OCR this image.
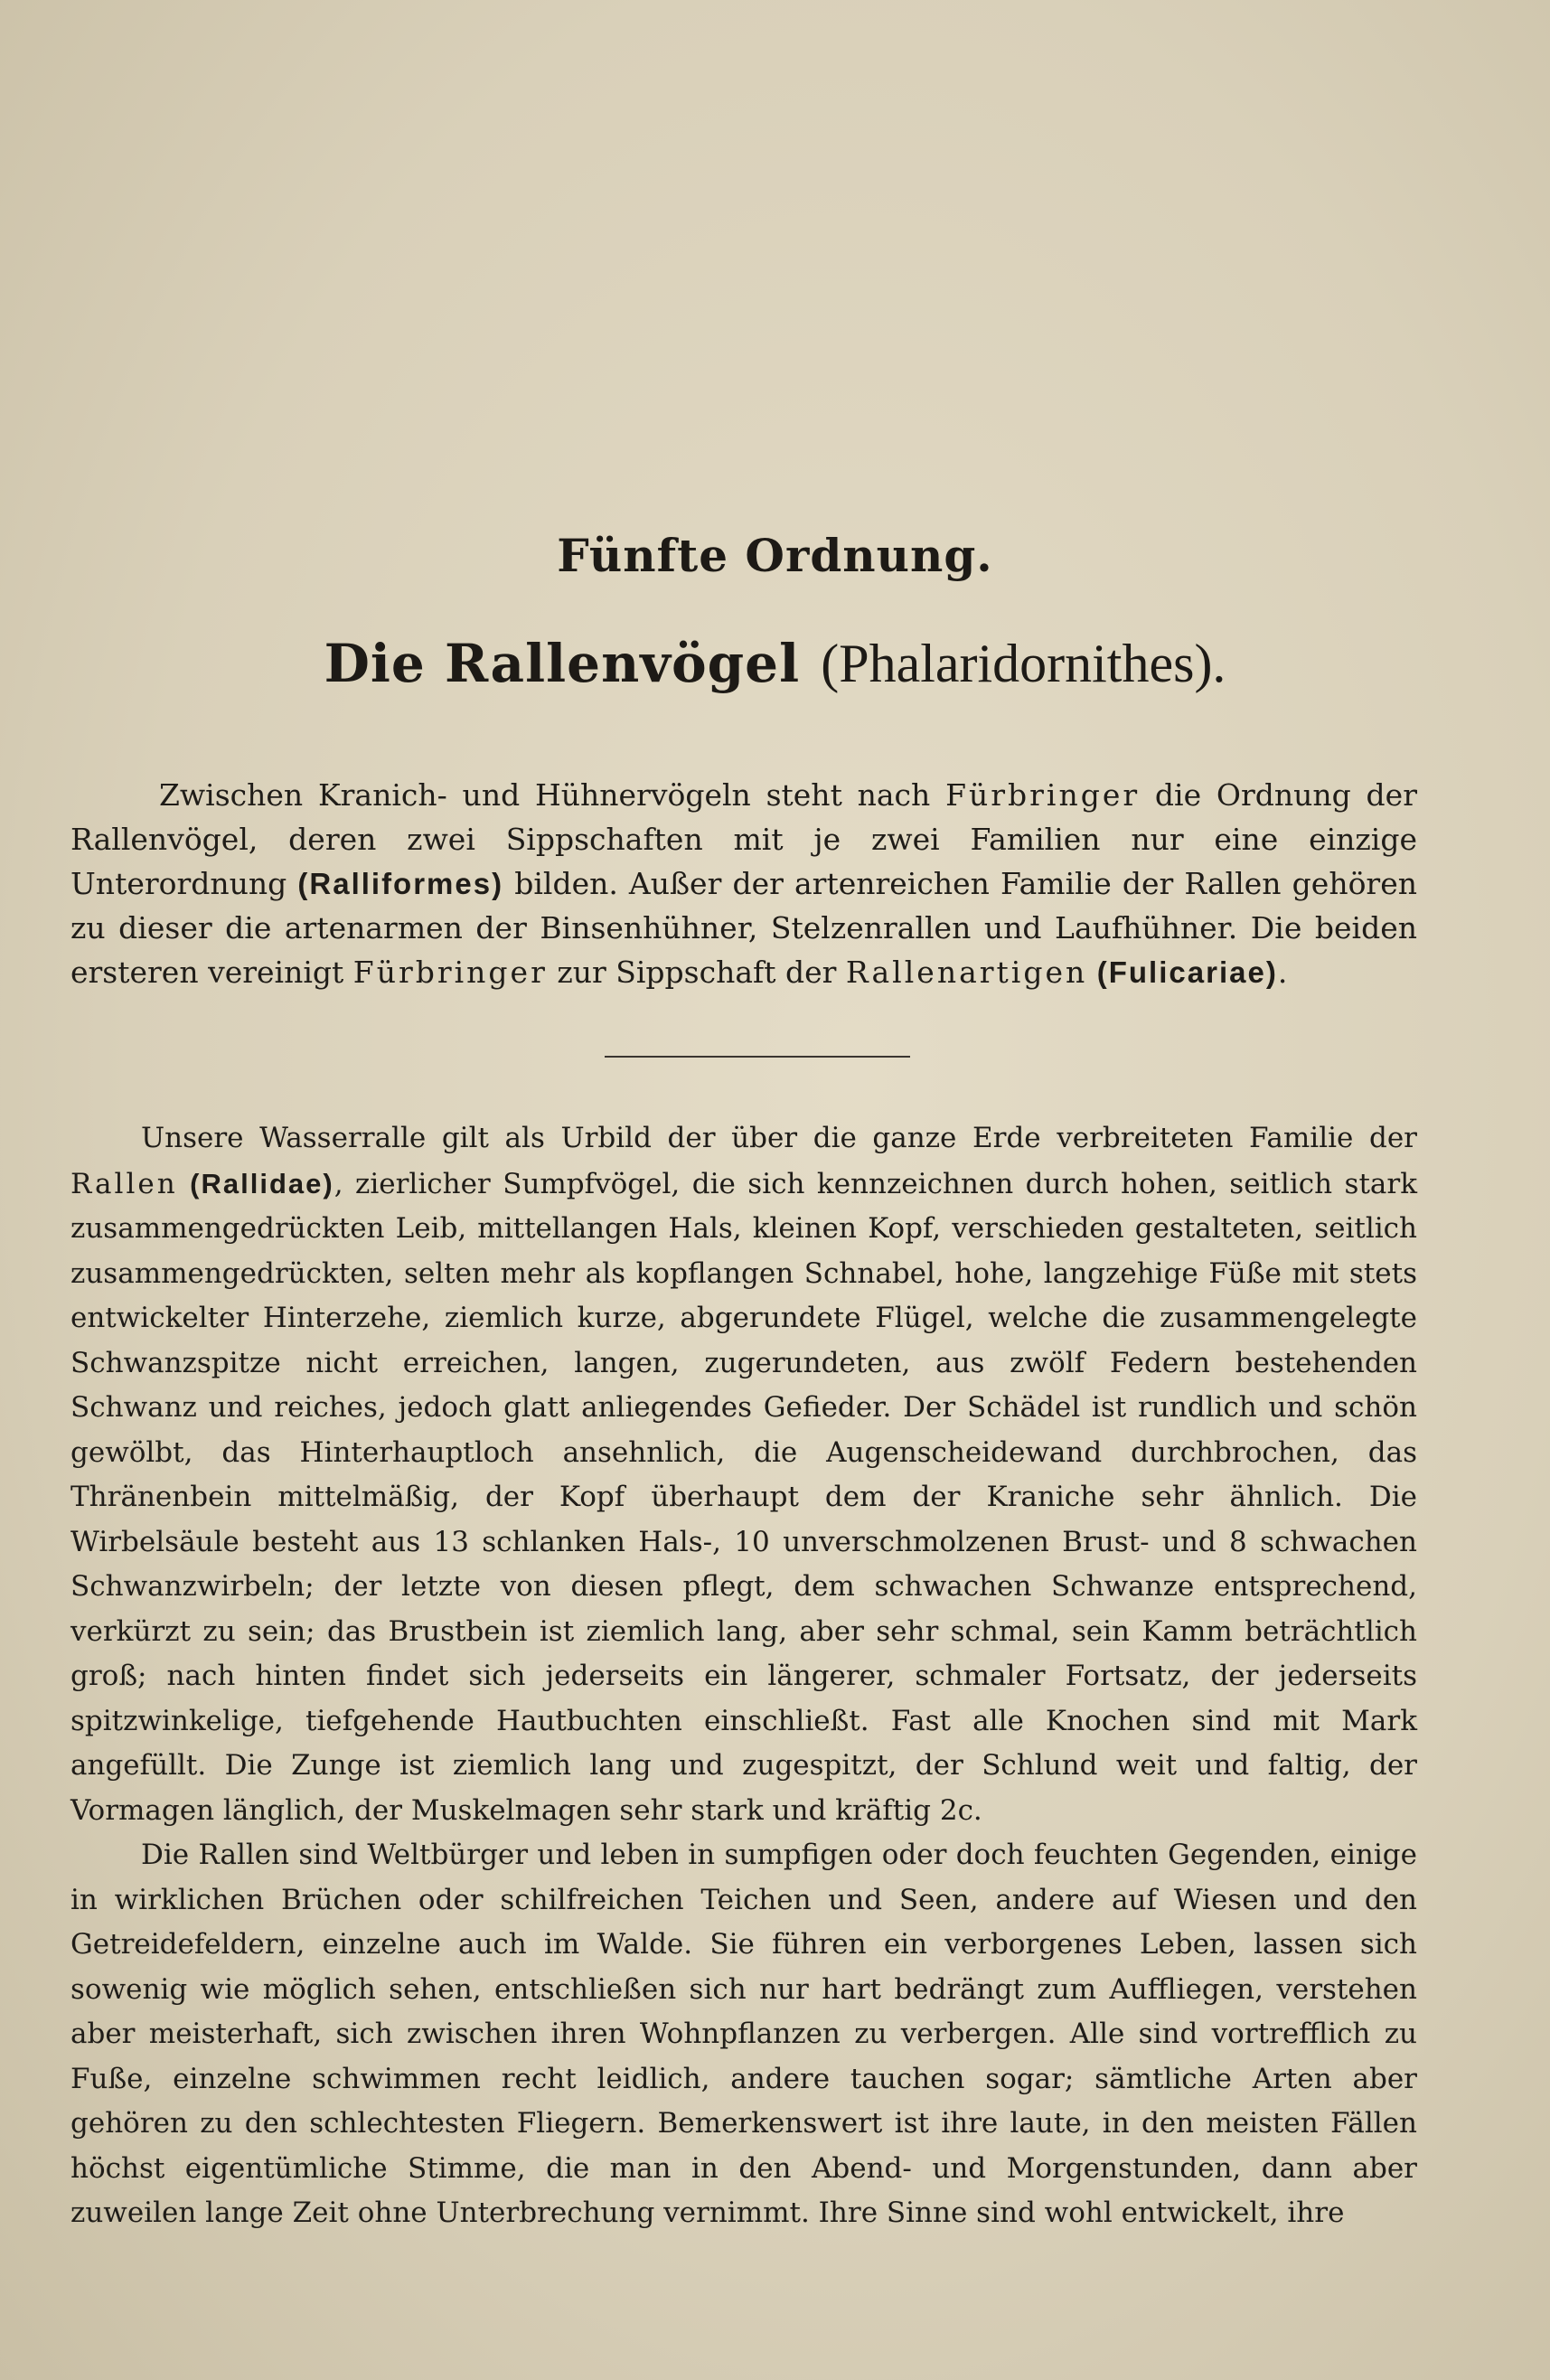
Fünfte Ordnung.
Die Rallenvögel (Phalaridornithes).

Zwischen Kranich- und Hühnervögeln steht nach Fürbringer die Ordnung der Rallenvögel, deren zwei Sippschaften mit je zwei Familien nur eine einzige Unterordnung (Ralliformes) bilden. Außer der artenreichen Familie der Rallen gehören zu dieser die artenarmen der Binsenhühner, Stelzenrallen und Laufhühner. Die beiden ersteren vereinigt Fürbringer zur Sippschaft der Rallenartigen (Fulicariae).

Unsere Wasserralle gilt als Urbild der über die ganze Erde verbreiteten Familie der Rallen (Rallidae), zierlicher Sumpfvögel, die sich kennzeichnen durch hohen, seitlich stark zusammengedrückten Leib, mittellangen Hals, kleinen Kopf, verschieden gestalteten, seitlich zusammengedrückten, selten mehr als kopflangen Schnabel, hohe, langzehige Füße mit stets entwickelter Hinterzehe, ziemlich kurze, abgerundete Flügel, welche die zusammengelegte Schwanzspitze nicht erreichen, langen, zugerundeten, aus zwölf Federn bestehenden Schwanz und reiches, jedoch glatt anliegendes Gefieder. Der Schädel ist rundlich und schön gewölbt, das Hinterhauptloch ansehnlich, die Augenscheidewand durchbrochen, das Thränenbein mittelmäßig, der Kopf überhaupt dem der Kraniche sehr ähnlich. Die Wirbelsäule besteht aus 13 schlanken Hals-, 10 unverschmolzenen Brust- und 8 schwachen Schwanzwirbeln; der letzte von diesen pflegt, dem schwachen Schwanze entsprechend, verkürzt zu sein; das Brustbein ist ziemlich lang, aber sehr schmal, sein Kamm beträchtlich groß; nach hinten findet sich jederseits ein längerer, schmaler Fortsatz, der jederseits spitzwinkelige, tiefgehende Hautbuchten einschließt. Fast alle Knochen sind mit Mark angefüllt. Die Zunge ist ziemlich lang und zugespitzt, der Schlund weit und faltig, der Vormagen länglich, der Muskelmagen sehr stark und kräftig 2c.

Die Rallen sind Weltbürger und leben in sumpfigen oder doch feuchten Gegenden, einige in wirklichen Brüchen oder schilfreichen Teichen und Seen, andere auf Wiesen und den Getreidefeldern, einzelne auch im Walde. Sie führen ein verborgenes Leben, lassen sich sowenig wie möglich sehen, entschließen sich nur hart bedrängt zum Auffliegen, verstehen aber meisterhaft, sich zwischen ihren Wohnpflanzen zu verbergen. Alle sind vortrefflich zu Fuße, einzelne schwimmen recht leidlich, andere tauchen sogar; sämtliche Arten aber gehören zu den schlechtesten Fliegern. Bemerkenswert ist ihre laute, in den meisten Fällen höchst eigentümliche Stimme, die man in den Abend- und Morgenstunden, dann aber zuweilen lange Zeit ohne Unterbrechung vernimmt. Ihre Sinne sind wohl entwickelt, ihre
